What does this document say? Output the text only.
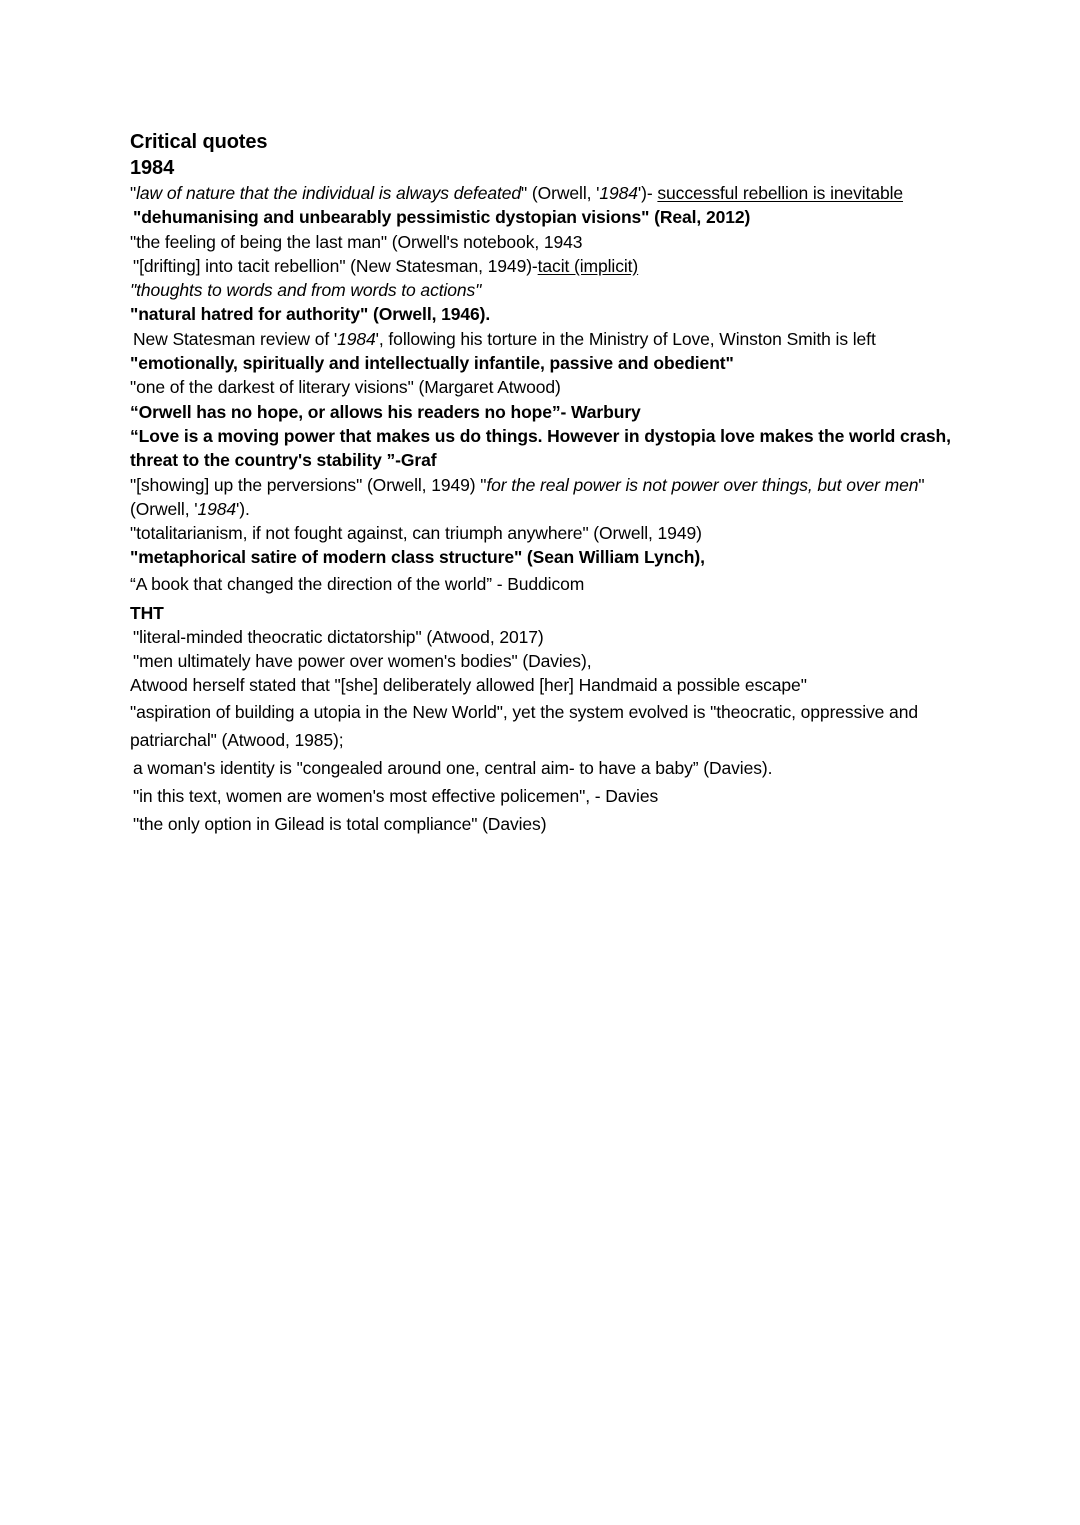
Critical quotes
1984
"law of nature that the individual is always defeated" (Orwell, '1984')- successful rebellion is inevitable
"dehumanising and unbearably pessimistic dystopian visions" (Real, 2012)
"the feeling of being the last man" (Orwell's notebook, 1943
"[drifting] into tacit rebellion" (New Statesman, 1949)-tacit (implicit)
"thoughts to words and from words to actions"
"natural hatred for authority" (Orwell, 1946).
New Statesman review of '1984', following his torture in the Ministry of Love, Winston Smith is left
"emotionally, spiritually and intellectually infantile, passive and obedient"
"one of the darkest of literary visions" (Margaret Atwood)
“Orwell has no hope, or allows his readers no hope”- Warbury
“Love is a moving power that makes us do things. However in dystopia love makes the world crash, threat to the country's stability ”-Graf
"[showing] up the perversions" (Orwell, 1949) "for the real power is not power over things, but over men" (Orwell, '1984').
"totalitarianism, if not fought against, can triumph anywhere" (Orwell, 1949)
"metaphorical satire of modern class structure" (Sean William Lynch),
“A book that changed the direction of the world” - Buddicom
THT
"literal-minded theocratic dictatorship" (Atwood, 2017)
"men ultimately have power over women's bodies" (Davies),
Atwood herself stated that "[she] deliberately allowed [her] Handmaid a possible escape"
"aspiration of building a utopia in the New World", yet the system evolved is "theocratic, oppressive and patriarchal" (Atwood, 1985);
a woman's identity is "congealed around one, central aim- to have a baby” (Davies).
"in this text, women are women's most effective policemen", - Davies
"the only option in Gilead is total compliance" (Davies)
